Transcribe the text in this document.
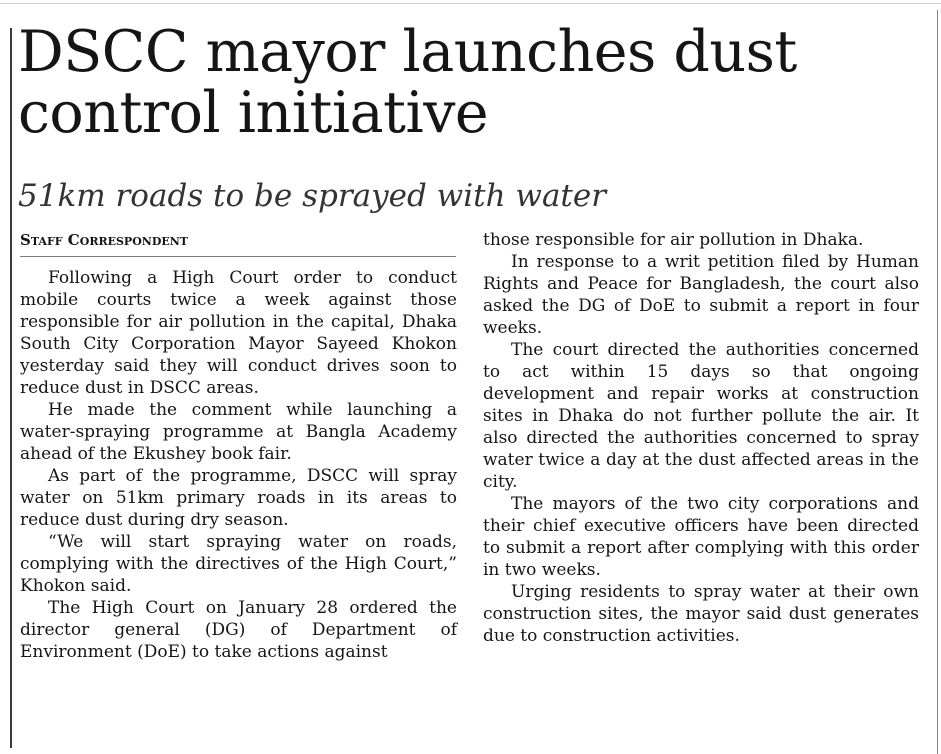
DSCC mayor launches dust
control initiative
51km roads to be sprayed with water
Staff Correspondent

Following a High Court order to conduct mobile courts twice a week against those responsible for air pollution in the capital, Dhaka South City Corporation Mayor Sayeed Khokon yesterday said they will conduct drives soon to reduce dust in DSCC areas.

He made the comment while launching a water-spraying programme at Bangla Academy ahead of the Ekushey book fair.

As part of the programme, DSCC will spray water on 51km primary roads in its areas to reduce dust during dry season.

“We will start spraying water on roads, complying with the directives of the High Court,” Khokon said.

The High Court on January 28 ordered the director general (DG) of Department of Environment (DoE) to take actions against

those responsible for air pollution in Dhaka.

In response to a writ petition filed by Human Rights and Peace for Bangladesh, the court also asked the DG of DoE to submit a report in four weeks.

The court directed the authorities concerned to act within 15 days so that ongoing development and repair works at construction sites in Dhaka do not further pollute the air. It also directed the authorities concerned to spray water twice a day at the dust affected areas in the city.

The mayors of the two city corporations and their chief executive officers have been directed to submit a report after complying with this order in two weeks.

Urging residents to spray water at their own construction sites, the mayor said dust generates due to construction activities.
